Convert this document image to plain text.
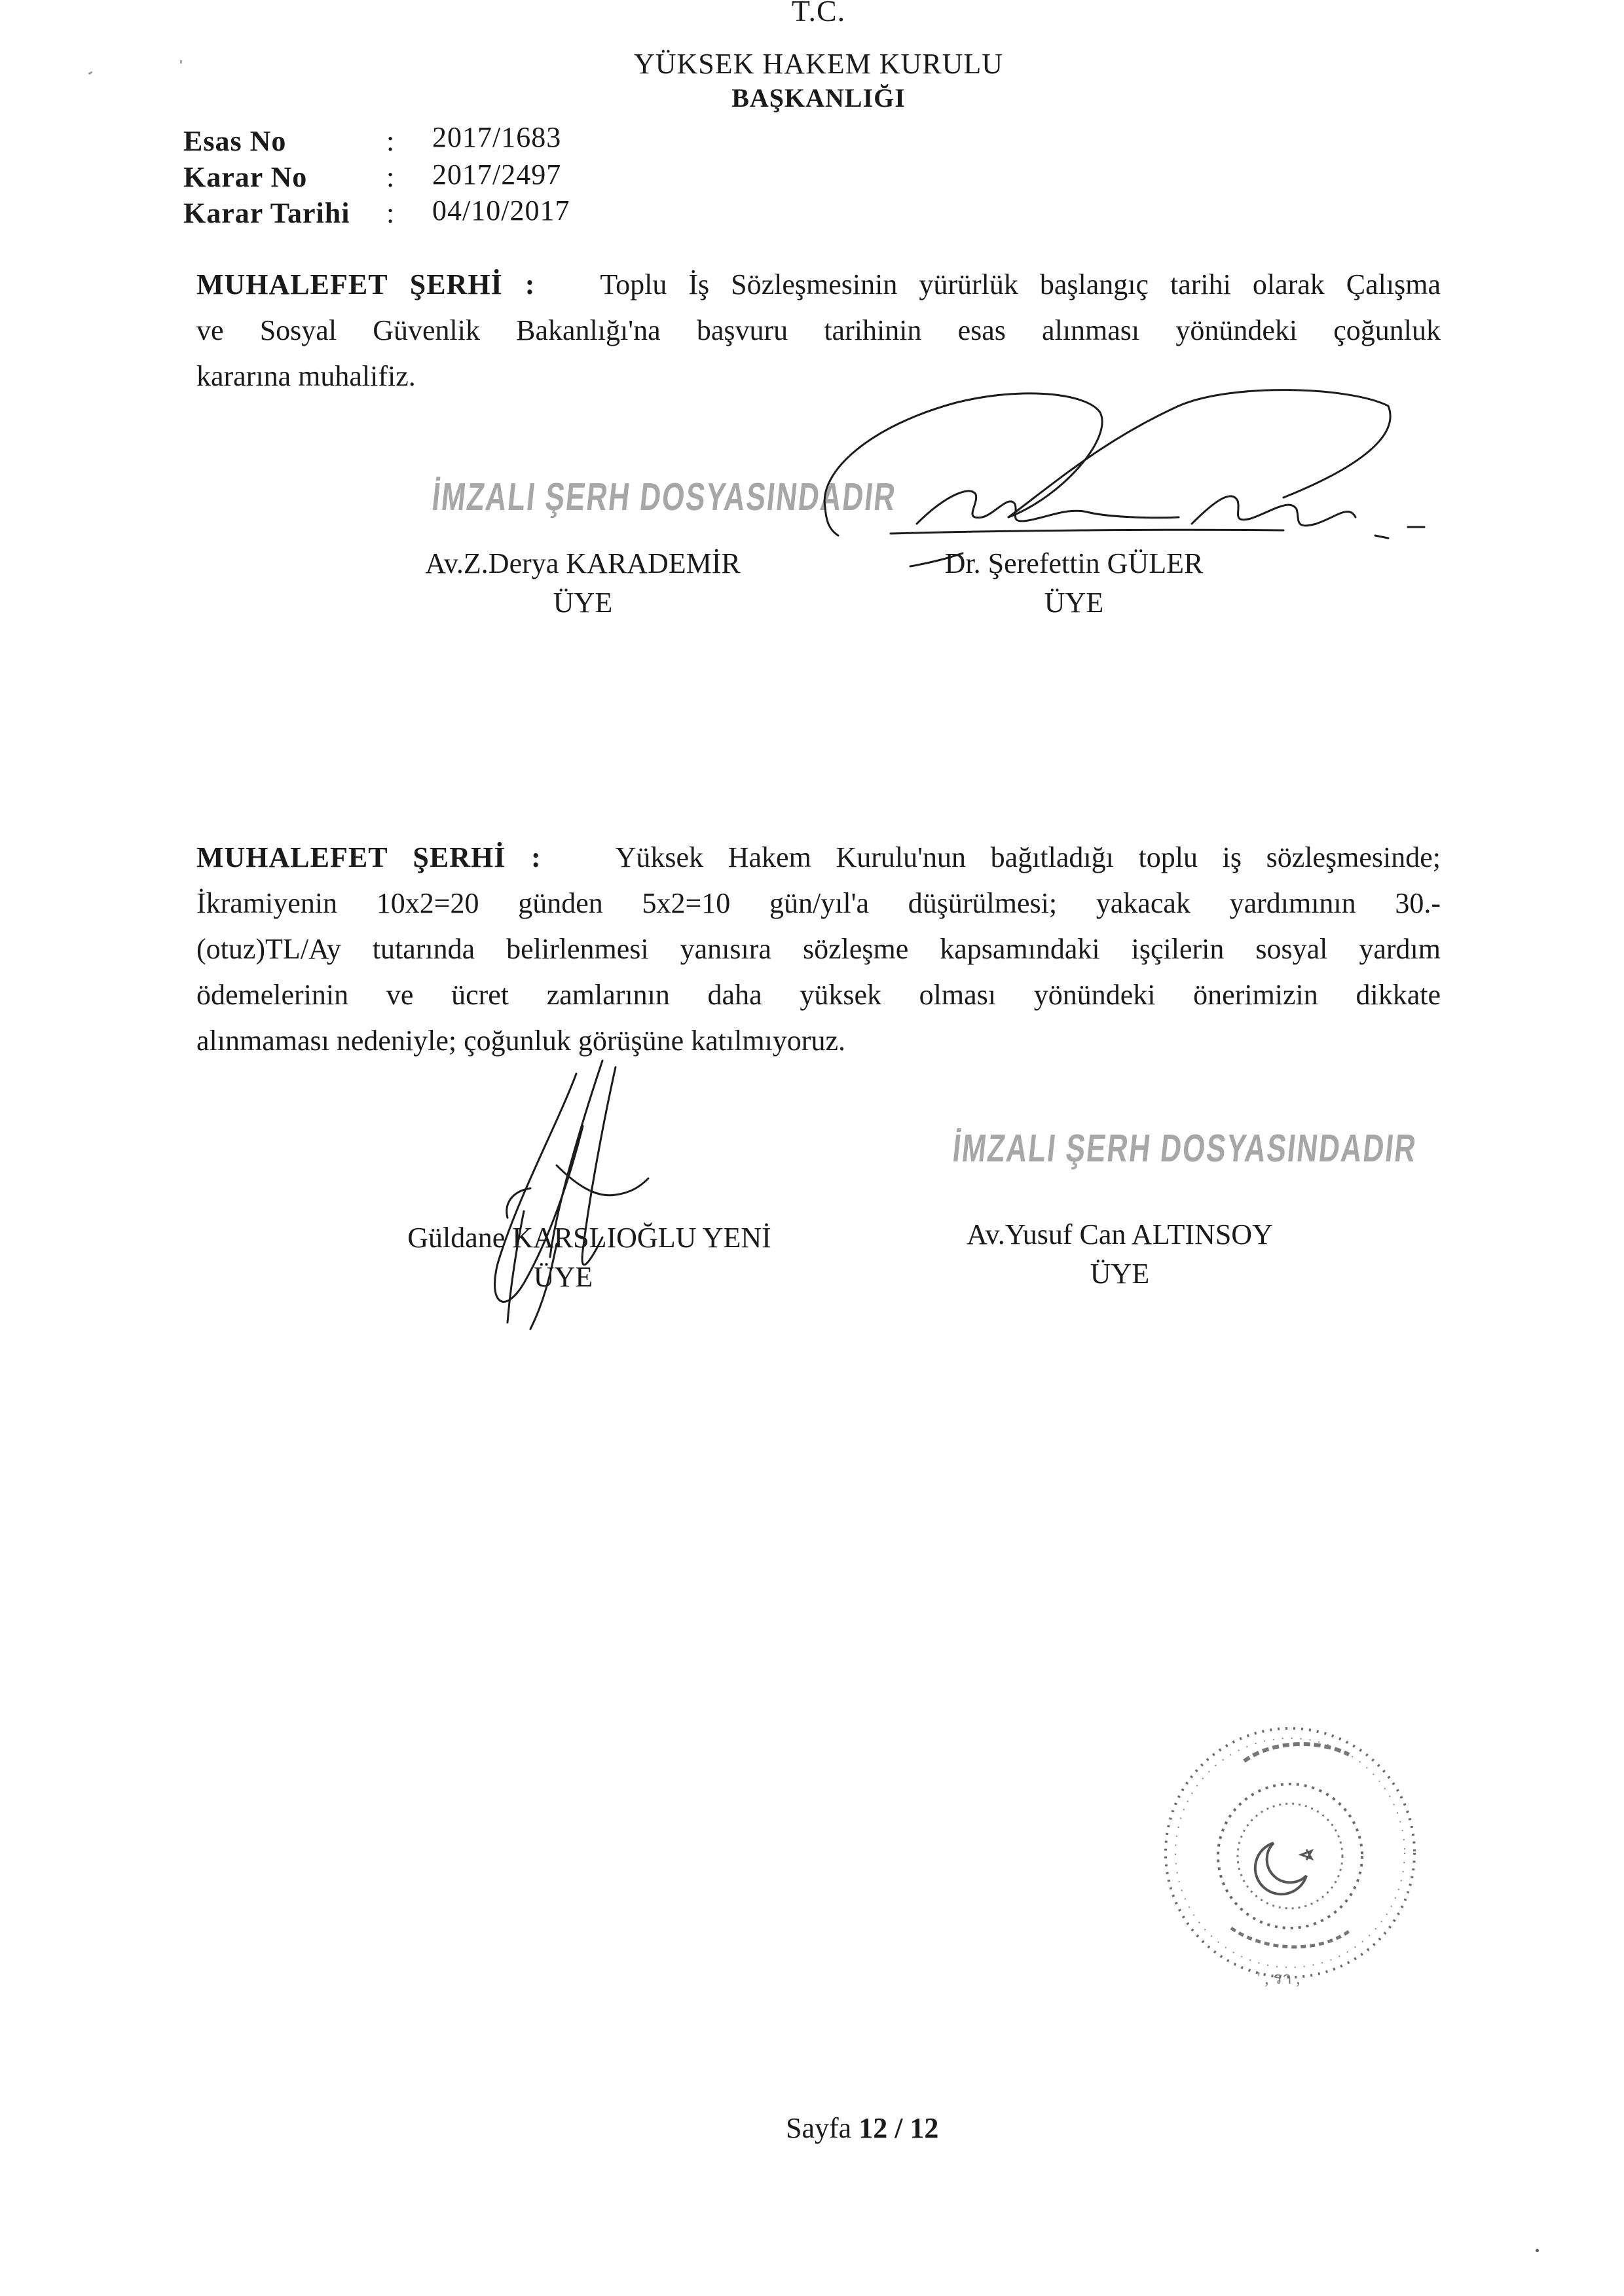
T.C.
YÜKSEK HAKEM KURULU
BAŞKANLIĞI
Esas No	: 2017/1683
Karar No	: 2017/2497
Karar Tarihi : 04/10/2017
MUHALEFET ŞERHİ : Toplu İş Sözleşmesinin yürürlük başlangıç tarihi olarak Çalışma
ve Sosyal Güvenlik Bakanlığı'na başvuru tarihinin esas alınması yönündeki çoğunluk
kararına muhalifiz.
İMZALI ŞERH DOSYASINDADIR
Av.Z.Derya KARADEMİR
ÜYE
Dr. Şerefettin GÜLER
ÜYE
MUHALEFET ŞERHİ :	Yüksek Hakem Kurulu'nun bağıtladığı toplu iş sözleşmesinde;
İkramiyenin 10x2=20 günden 5x2=10 gün/yıl'a düşürülmesi; yakacak yardımının 30.-
(otuz)TL/Ay tutarında belirlenmesi yanısıra sözleşme kapsamındaki işçilerin sosyal yardım
ödemelerinin ve ücret zamlarının daha yüksek olması yönündeki önerimizin dikkate
alınmaması nedeniyle; çoğunluk görüşüne katılmıyoruz.
İMZALI ŞERH DOSYASINDADIR
Güldane KARSLIOĞLU YENİ
ÜYE
Av.Yusuf Can ALTINSOY
ÜYE
' , รา ,
Sayfa 12 / 12
